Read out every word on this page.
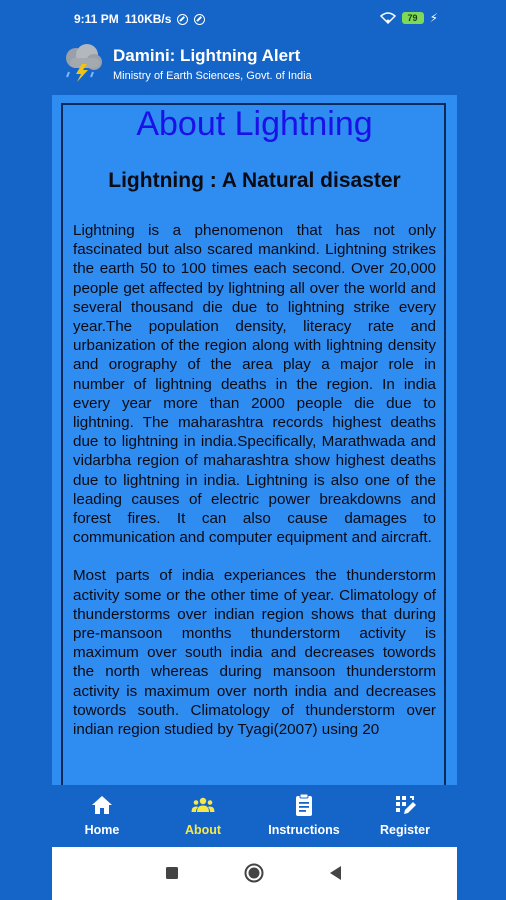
9:11 PM 110KB/s	79	⚡
Damini: Lightning Alert
Ministry of Earth Sciences, Govt. of India
About Lightning
Lightning : A Natural disaster

Lightning is a phenomenon that has not only fascinated but also scared mankind. Lightning strikes the earth 50 to 100 times each second. Over 20,000 people get affected by lightning all over the world and several thousand die due to lightning strike every year.The population density, literacy rate and urbanization of the region along with lightning density and orography of the area play a major role in number of lightning deaths in the region. In india every year more than 2000 people die due to lightning. The maharashtra records highest deaths due to lightning in india.Specifically, Marathwada and vidarbha region of maharashtra show highest deaths due to lightning in india. Lightning is also one of the leading causes of electric power breakdowns and forest fires. It can also cause damages to communication and computer equipment and aircraft.

Most parts of india experiances the thunderstorm activity some or the other time of year. Climatology of thunderstorms over indian region shows that during pre-mansoon months thunderstorm activity is maximum over south india and decreases towords the north whereas during mansoon thunderstorm activity is maximum over north india and decreases towords south. Climatology of thunderstorm over indian region studied by Tyagi(2007) using 20

Home	About	Instructions	Register
